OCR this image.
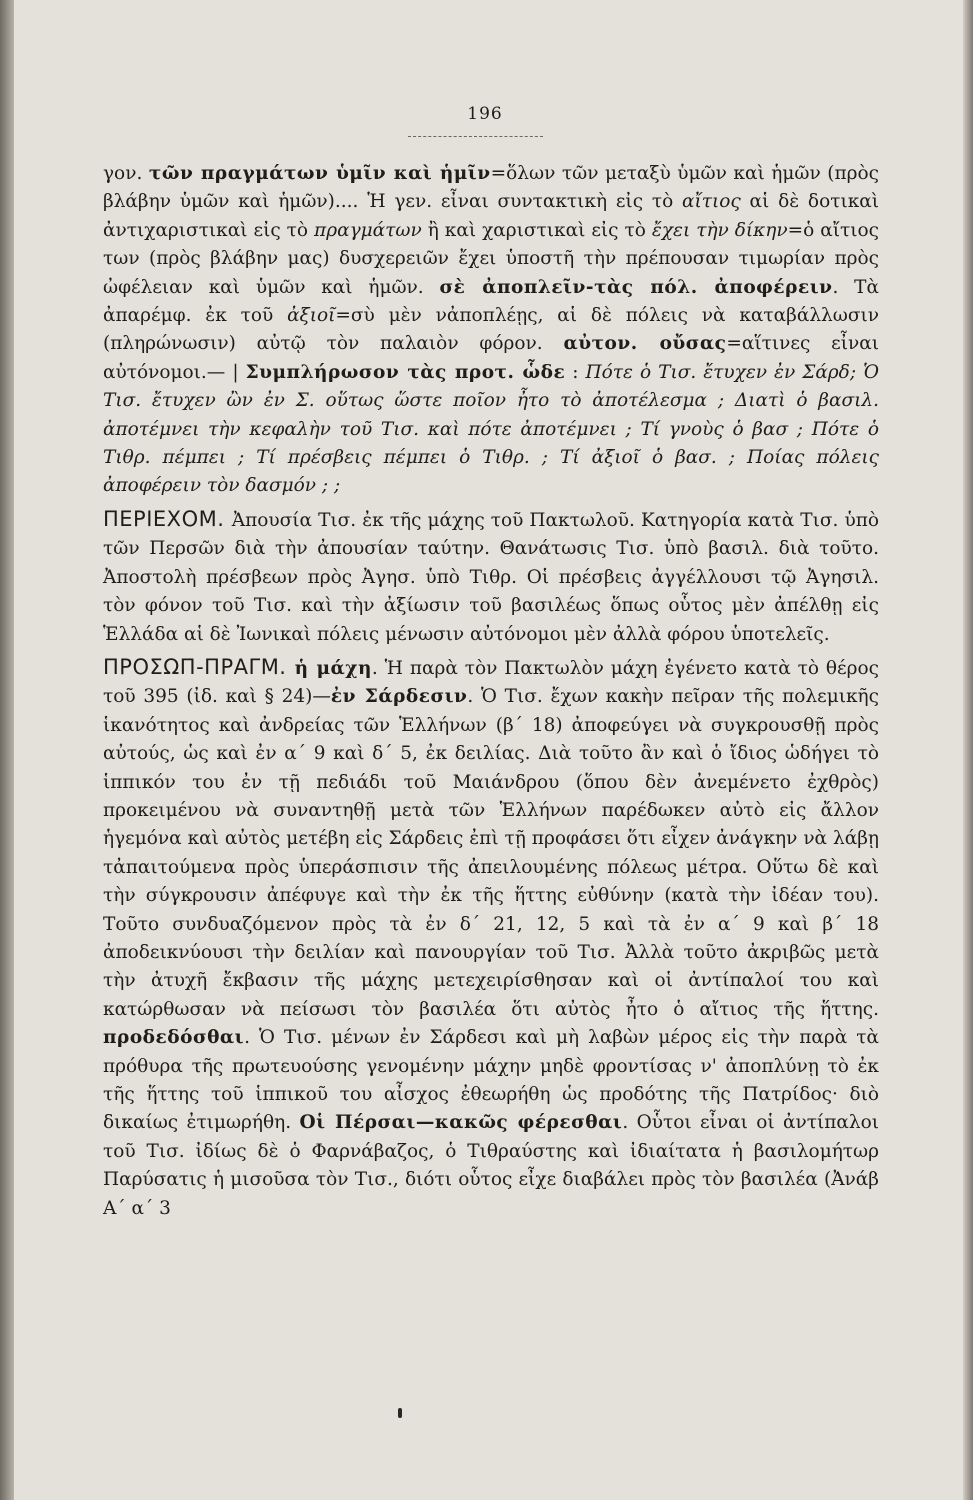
196

γον. τῶν πραγμάτων ὑμῖν καὶ ἡμῖν=ὅλων τῶν μεταξὺ ὑμῶν καὶ ἡμῶν (πρὸς βλάβην ὑμῶν καὶ ἡμῶν).... Ἡ γεν. εἶναι συντακτικὴ εἰς τὸ αἴτιος αἱ δὲ δοτικαὶ ἀντιχαριστικαὶ εἰς τὸ πραγμάτων ἢ καὶ χαριστικαὶ εἰς τὸ ἔχει τὴν δίκην=ὁ αἴτιος των (πρὸς βλάβην μας) δυσχερειῶν ἔχει ὑποστῆ τὴν πρέπουσαν τιμωρίαν πρὸς ὠφέλειαν καὶ ὑμῶν καὶ ἡμῶν. σὲ ἀποπλεῖν-τὰς πόλ. ἀποφέρειν. Τὰ ἀπαρέμφ. ἐκ τοῦ ἀξιοῖ=σὺ μὲν νἀποπλέῃς, αἱ δὲ πόλεις νὰ καταβάλλωσιν (πληρώνωσιν) αὐτῷ τὸν παλαιὸν φόρον. αὐτον. οὔσας=αἵτινες εἶναι αὐτόνομοι.— | Συμπλήρωσον τὰς προτ. ὧδε : Πότε ὁ Τισ. ἔτυχεν ἐν Σάρδ; Ὁ Τισ. ἔτυχεν ὢν ἐν Σ. οὕτως ὥστε ποῖον ἦτο τὸ ἀποτέλεσμα ; Διατὶ ὁ βασιλ. ἀποτέμνει τὴν κεφαλὴν τοῦ Τισ. καὶ πότε ἀποτέμνει ; Τί γνοὺς ὁ βασ ; Πότε ὁ Τιθρ. πέμπει ; Τί πρέσβεις πέμπει ὁ Τιθρ. ; Τί ἀξιοῖ ὁ βασ. ; Ποίας πόλεις ἀποφέρειν τὸν δασμόν ; ;

ΠΕΡΙΕΧΟΜ. Ἀπουσία Τισ. ἐκ τῆς μάχης τοῦ Πακτωλοῦ. Κατηγορία κατὰ Τισ. ὑπὸ τῶν Περσῶν διὰ τὴν ἀπουσίαν ταύτην. Θανάτωσις Τισ. ὑπὸ βασιλ. διὰ τοῦτο. Ἀποστολὴ πρέσβεων πρὸς Ἀγησ. ὑπὸ Τιθρ. Οἱ πρέσβεις ἀγγέλλουσι τῷ Ἀγησιλ. τὸν φόνον τοῦ Τισ. καὶ τὴν ἀξίωσιν τοῦ βασιλέως ὅπως οὗτος μὲν ἀπέλθῃ εἰς Ἑλλάδα αἱ δὲ Ἰωνικαὶ πόλεις μένωσιν αὐτόνομοι μὲν ἀλλὰ φόρου ὑποτελεῖς.

ΠΡΟΣΩΠ-ΠΡΑΓΜ. ἡ μάχη. Ἡ παρὰ τὸν Πακτωλὸν μάχη ἐγένετο κατὰ τὸ θέρος τοῦ 395 (ἰδ. καὶ § 24)—ἐν Σάρδεσιν. Ὁ Τισ. ἔχων κακὴν πεῖραν τῆς πολεμικῆς ἱκανότητος καὶ ἀνδρείας τῶν Ἑλλήνων (β΄ 18) ἀποφεύγει νὰ συγκρουσθῇ πρὸς αὐτούς, ὡς καὶ ἐν α΄ 9 καὶ δ΄ 5, ἐκ δειλίας. Διὰ τοῦτο ἂν καὶ ὁ ἴδιος ὡδήγει τὸ ἱππικόν του ἐν τῇ πεδιάδι τοῦ Μαιάνδρου (ὅπου δὲν ἀνεμένετο ἐχθρὸς) προκειμένου νὰ συναντηθῇ μετὰ τῶν Ἑλλήνων παρέδωκεν αὐτὸ εἰς ἄλλον ἡγεμόνα καὶ αὐτὸς μετέβη εἰς Σάρδεις ἐπὶ τῇ προφάσει ὅτι εἶχεν ἀνάγκην νὰ λάβῃ τἀπαιτούμενα πρὸς ὑπεράσπισιν τῆς ἀπειλουμένης πόλεως μέτρα. Οὕτω δὲ καὶ τὴν σύγκρουσιν ἀπέφυγε καὶ τὴν ἐκ τῆς ἥττης εὐθύνην (κατὰ τὴν ἰδέαν του). Τοῦτο συνδυαζόμενον πρὸς τὰ ἐν δ΄ 21, 12, 5 καὶ τὰ ἐν α΄ 9 καὶ β΄ 18 ἀποδεικνύουσι τὴν δειλίαν καὶ πανουργίαν τοῦ Τισ. Ἀλλὰ τοῦτο ἀκριβῶς μετὰ τὴν ἀτυχῆ ἔκβασιν τῆς μάχης μετεχειρίσθησαν καὶ οἱ ἀντίπαλοί του καὶ κατώρθωσαν νὰ πείσωσι τὸν βασιλέα ὅτι αὐτὸς ἦτο ὁ αἴτιος τῆς ἥττης. προδεδόσθαι. Ὁ Τισ. μένων ἐν Σάρδεσι καὶ μὴ λαβὼν μέρος εἰς τὴν παρὰ τὰ πρόθυρα τῆς πρωτευούσης γενομένην μάχην μηδὲ φροντίσας ν' ἀπoπλύνῃ τὸ ἐκ τῆς ἥττης τοῦ ἱππικοῦ του αἶσχος ἐθεωρήθη ὡς προδότης τῆς Πατρίδος· διὸ δικαίως ἐτιμωρήθη. Οἱ Πέρσαι—κακῶς φέρεσθαι. Οὗτοι εἶναι οἱ ἀντίπαλοι τοῦ Τισ. ἰδίως δὲ ὁ Φαρνάβαζος, ὁ Τιθραύστης καὶ ἰδιαίτατα ἡ βασιλομήτωρ Παρύσατις ἡ μισοῦσα τὸν Τισ., διότι οὗτος εἶχε διαβάλει πρὸς τὸν βασιλέα (Ἀνάβ Α΄ α΄ 3
